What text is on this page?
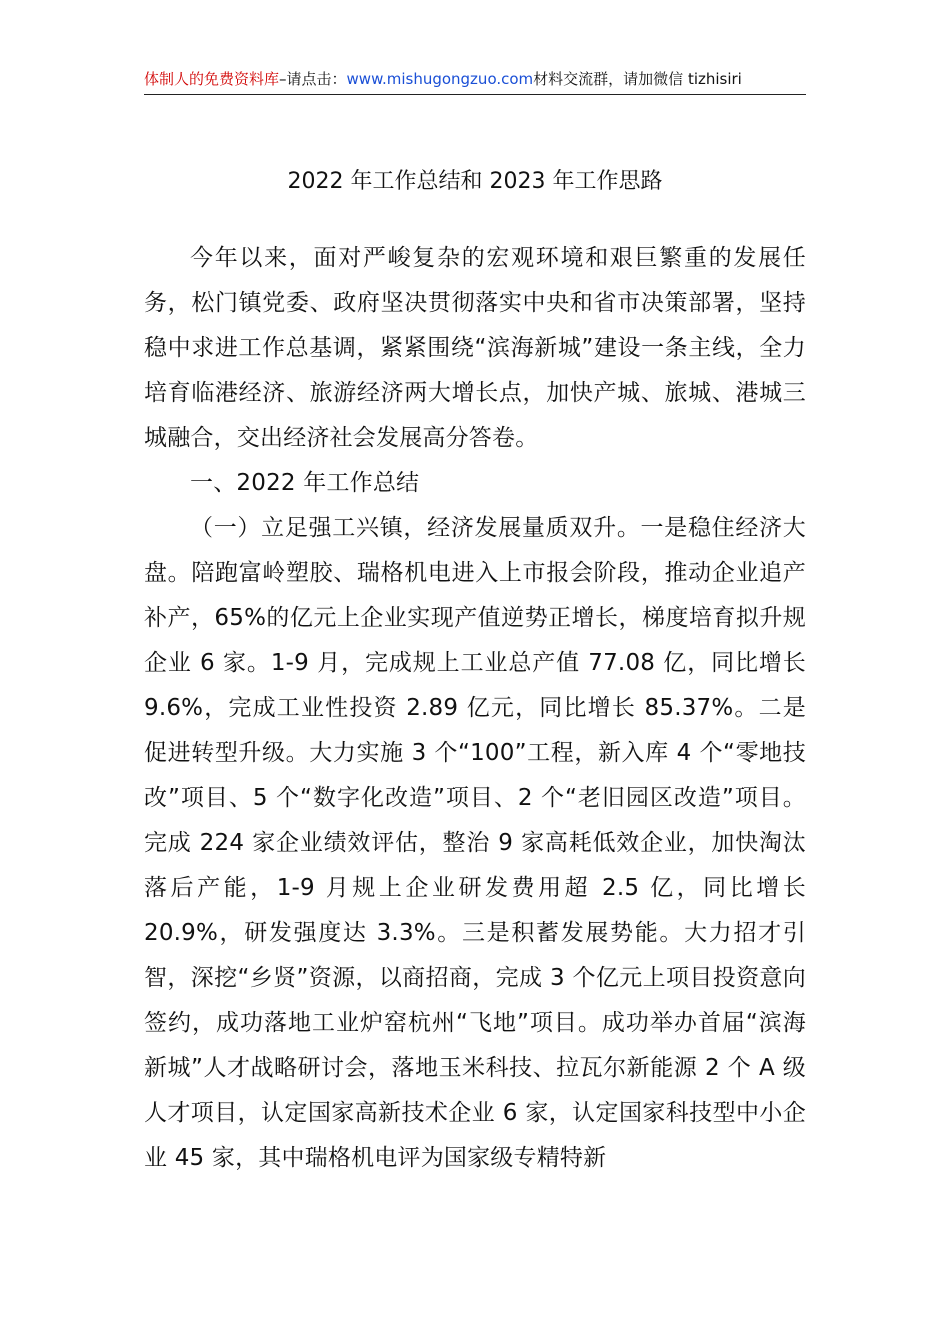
体制人的免费资料库–请点击：www.mishugongzuo.com材料交流群，请加微信 tizhisiri
2022 年工作总结和 2023 年工作思路

今年以来，面对严峻复杂的宏观环境和艰巨繁重的发展任务，松门镇党委、政府坚决贯彻落实中央和省市决策部署，坚持稳中求进工作总基调，紧紧围绕“滨海新城”建设一条主线，全力培育临港经济、旅游经济两大增长点，加快产城、旅城、港城三城融合，交出经济社会发展高分答卷。

一、2022 年工作总结

（一）立足强工兴镇，经济发展量质双升。一是稳住经济大盘。陪跑富岭塑胶、瑞格机电进入上市报会阶段，推动企业追产补产，65%的亿元上企业实现产值逆势正增长，梯度培育拟升规企业 6 家。1-9 月，完成规上工业总产值 77.08 亿，同比增长 9.6%，完成工业性投资 2.89 亿元，同比增长 85.37%。二是促进转型升级。大力实施 3 个“100”工程，新入库 4 个“零地技改”项目、5 个“数字化改造”项目、2 个“老旧园区改造”项目。完成 224 家企业绩效评估，整治 9 家高耗低效企业，加快淘汰落后产能，1-9 月规上企业研发费用超 2.5 亿，同比增长 20.9%，研发强度达 3.3%。三是积蓄发展势能。大力招才引智，深挖“乡贤”资源，以商招商，完成 3 个亿元上项目投资意向签约，成功落地工业炉窑杭州“飞地”项目。成功举办首届“滨海新城”人才战略研讨会，落地玉米科技、拉瓦尔新能源 2 个 A 级人才项目，认定国家高新技术企业 6 家，认定国家科技型中小企业 45 家，其中瑞格机电评为国家级专精特新
